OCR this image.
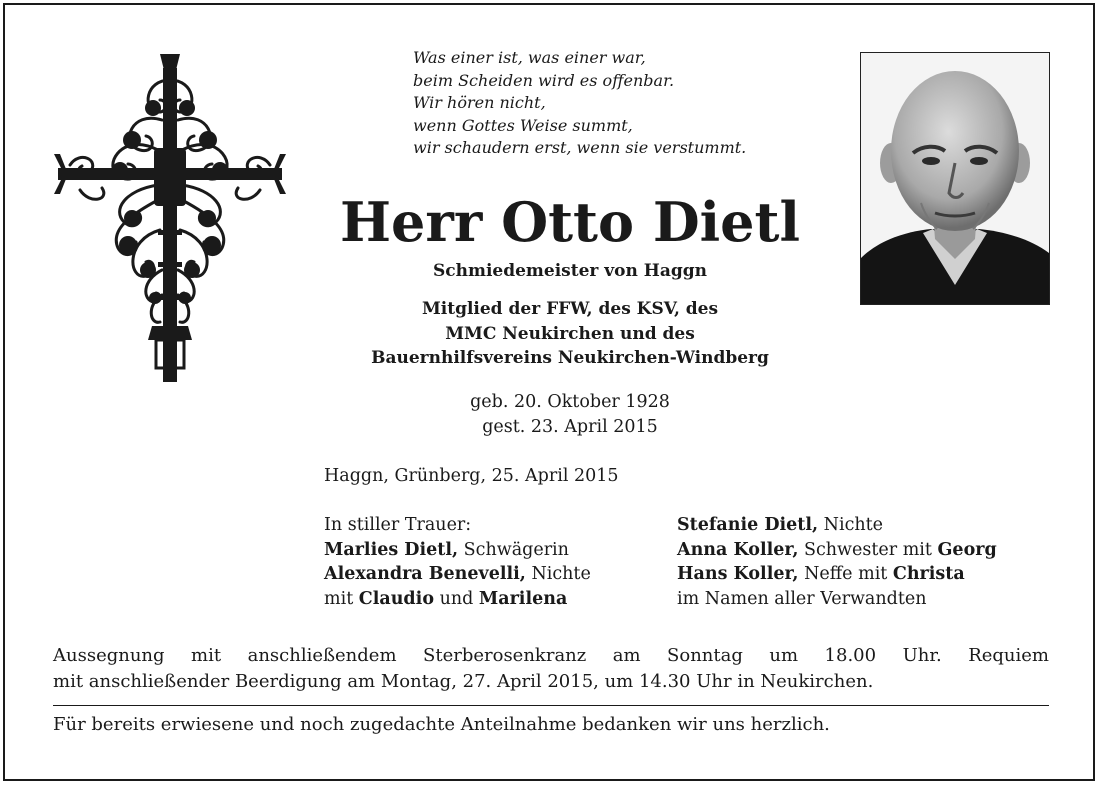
Was einer ist, was einer war,
beim Scheiden wird es offenbar.
Wir hören nicht,
wenn Gottes Weise summt,
wir schaudern erst, wenn sie verstummt.
Herr Otto Dietl
Schmiedemeister von Haggn
Mitglied der FFW, des KSV, des
MMC Neukirchen und des
Bauernhilfsvereins Neukirchen-Windberg
geb. 20. Oktober 1928
gest. 23. April 2015
Haggn, Grünberg, 25. April 2015
In stiller Trauer:
Marlies Dietl, Schwägerin
Alexandra Benevelli, Nichte
mit Claudio und Marilena
Stefanie Dietl, Nichte
Anna Koller, Schwester mit Georg
Hans Koller, Neffe mit Christa
im Namen aller Verwandten
Aussegnung mit anschließendem Sterberosenkranz am Sonntag um 18.00 Uhr. Requiem
mit anschließender Beerdigung am Montag, 27. April 2015, um 14.30 Uhr in Neukirchen.
Für bereits erwiesene und noch zugedachte Anteilnahme bedanken wir uns herzlich.
